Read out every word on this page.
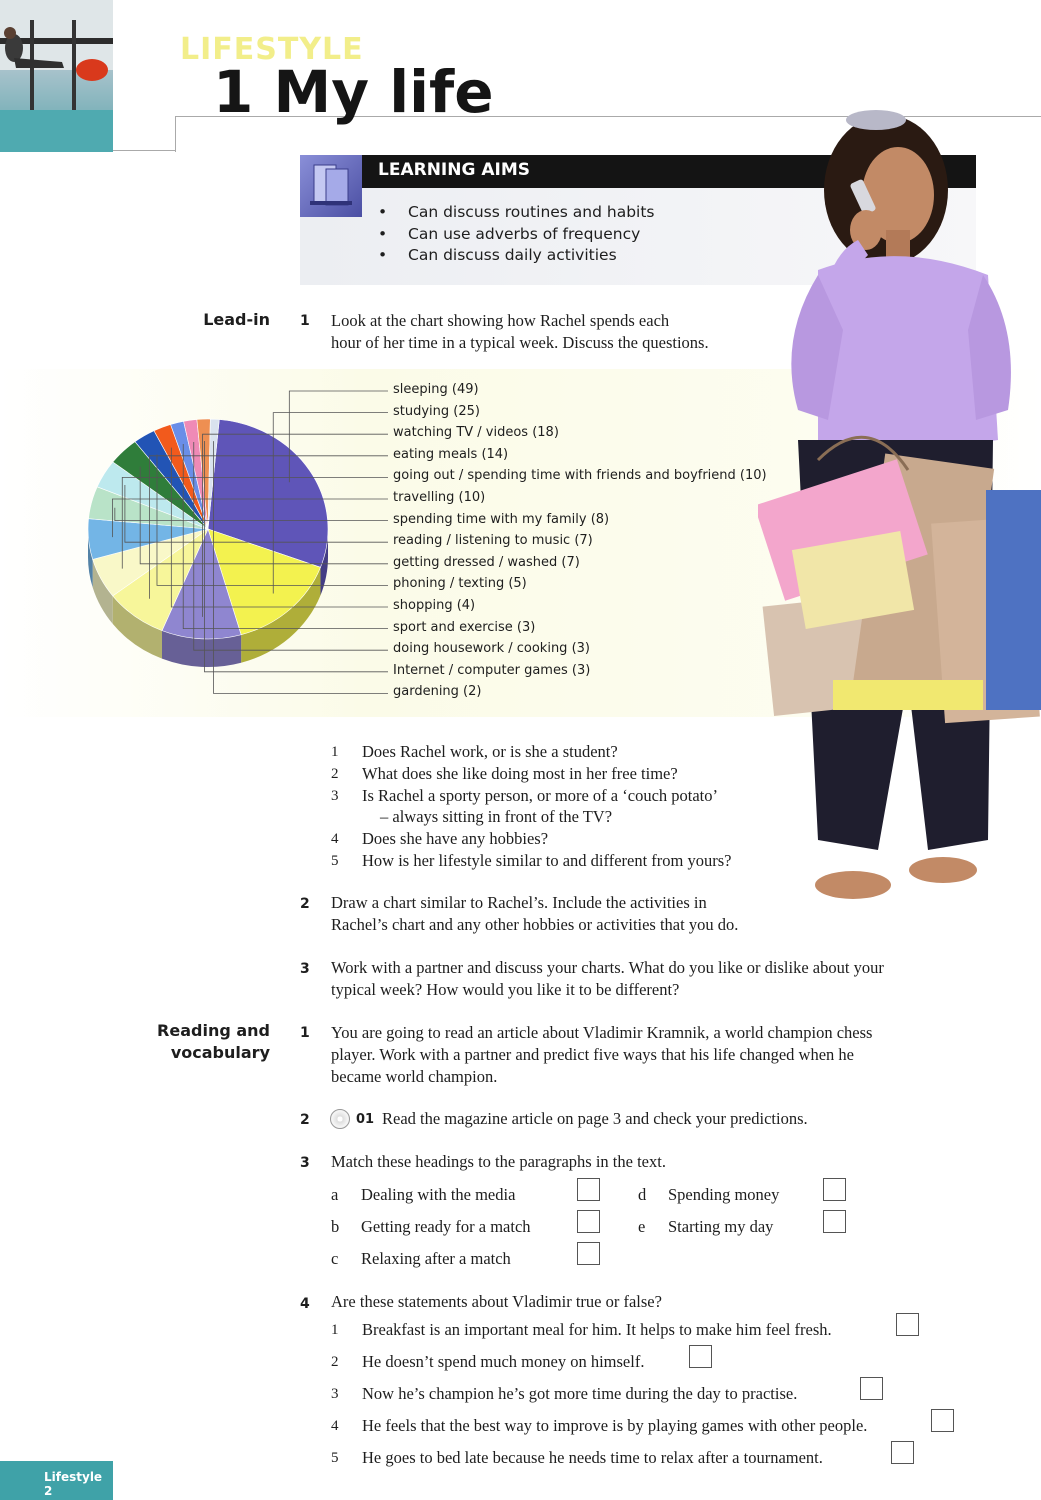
LIFESTYLE
1 My life
LEARNING AIMS
• Can discuss routines and habits
• Can use adverbs of frequency
• Can discuss daily activities
Lead-in 1 Look at the chart showing how Rachel spends each
hour of her time in a typical week. Discuss the questions.
sleeping (49)
studying (25)
watching TV / videos (18)
eating meals (14)
going out / spending time with friends and boyfriend (10)
travelling (10)
spending time with my family (8)
reading / listening to music (7)
getting dressed / washed (7)
phoning / texting (5)
shopping (4)
sport and exercise (3)
doing housework / cooking (3)
Internet / computer games (3)
gardening (2)
1 Does Rachel work, or is she a student?
2 What does she like doing most in her free time?
3 Is Rachel a sporty person, or more of a ‘couch potato’
– always sitting in front of the TV?
4 Does she have any hobbies?
5 How is her lifestyle similar to and different from yours?
2 Draw a chart similar to Rachel’s. Include the activities in
Rachel’s chart and any other hobbies or activities that you do.
3 Work with a partner and discuss your charts. What do you like or dislike about your
typical week? How would you like it to be different?
Reading and
vocabulary
1 You are going to read an article about Vladimir Kramnik, a world champion chess
player. Work with a partner and predict five ways that his life changed when he
became world champion.
2	01 Read the magazine article on page 3 and check your predictions.
3 Match these headings to the paragraphs in the text.
a Dealing with the media
b Getting ready for a match
c Relaxing after a match
d Spending money
e Starting my day
4 Are these statements about Vladimir true or false?
1 Breakfast is an important meal for him. It helps to make him feel fresh.
2 He doesn’t spend much money on himself.
3 Now he’s champion he’s got more time during the day to practise.
4 He feels that the best way to improve is by playing games with other people.
5 He goes to bed late because he needs time to relax after a tournament.
Lifestyle 2
